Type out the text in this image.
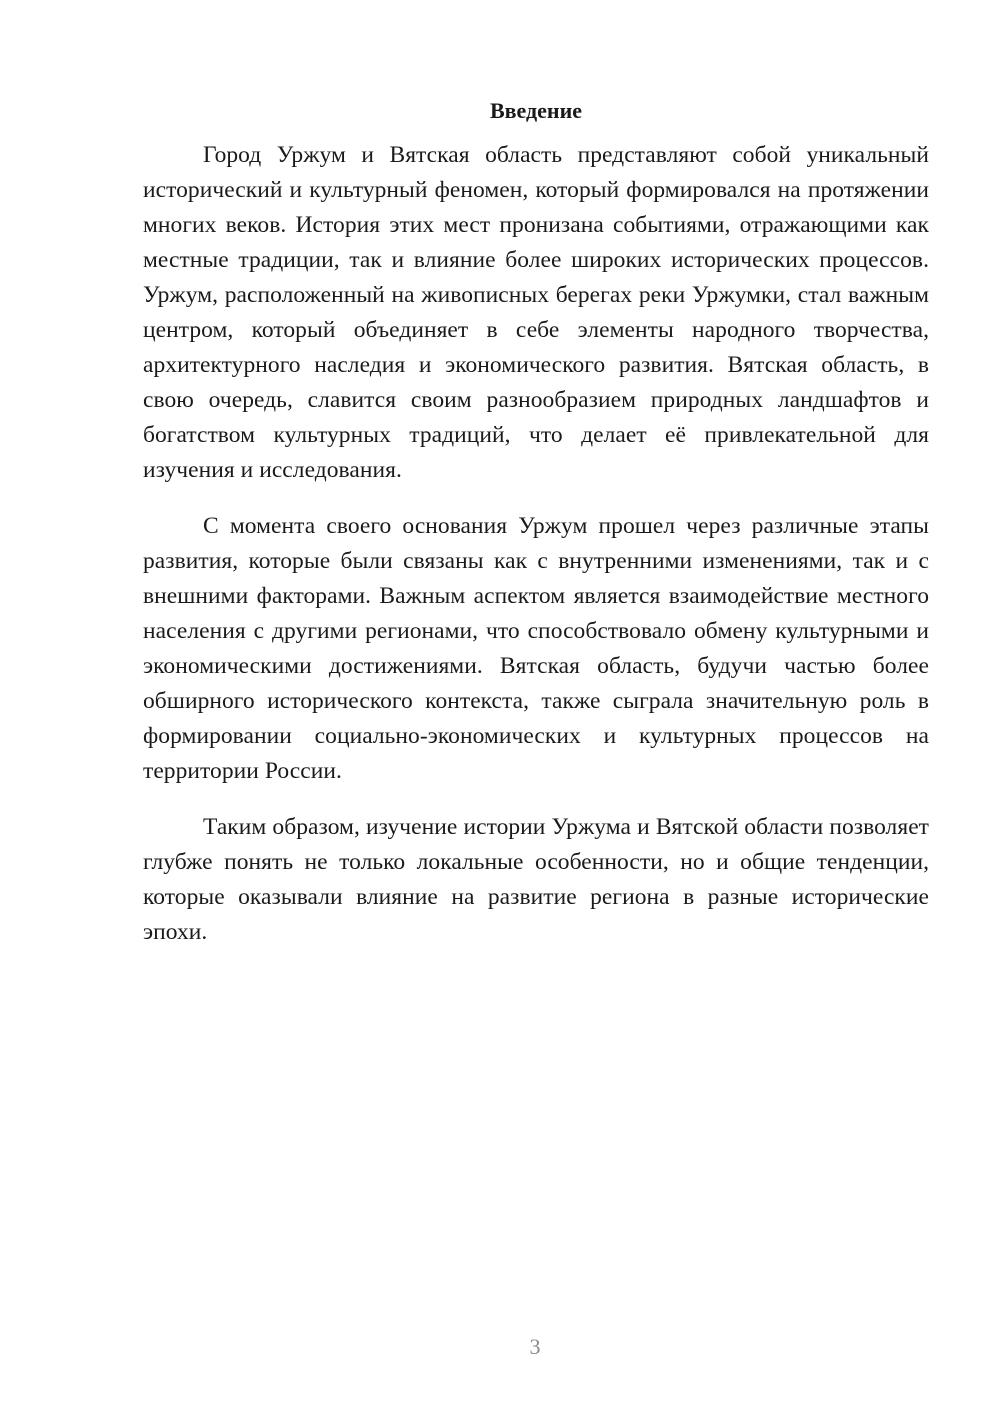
Введение

Город Уржум и Вятская область представляют собой уникальный исторический и культурный феномен, который формировался на протяжении многих веков. История этих мест пронизана событиями, отражающими как местные традиции, так и влияние более широких исторических процессов. Уржум, расположенный на живописных берегах реки Уржумки, стал важным центром, который объединяет в себе элементы народного творчества, архитектурного наследия и экономического развития. Вятская область, в свою очередь, славится своим разнообразием природных ландшафтов и богатством культурных традиций, что делает её привлекательной для изучения и исследования.

С момента своего основания Уржум прошел через различные этапы развития, которые были связаны как с внутренними изменениями, так и с внешними факторами. Важным аспектом является взаимодействие местного населения с другими регионами, что способствовало обмену культурными и экономическими достижениями. Вятская область, будучи частью более обширного исторического контекста, также сыграла значительную роль в формировании социально-экономических и культурных процессов на территории России.

Таким образом, изучение истории Уржума и Вятской области позволяет глубже понять не только локальные особенности, но и общие тенденции, которые оказывали влияние на развитие региона в разные исторические эпохи.

3
